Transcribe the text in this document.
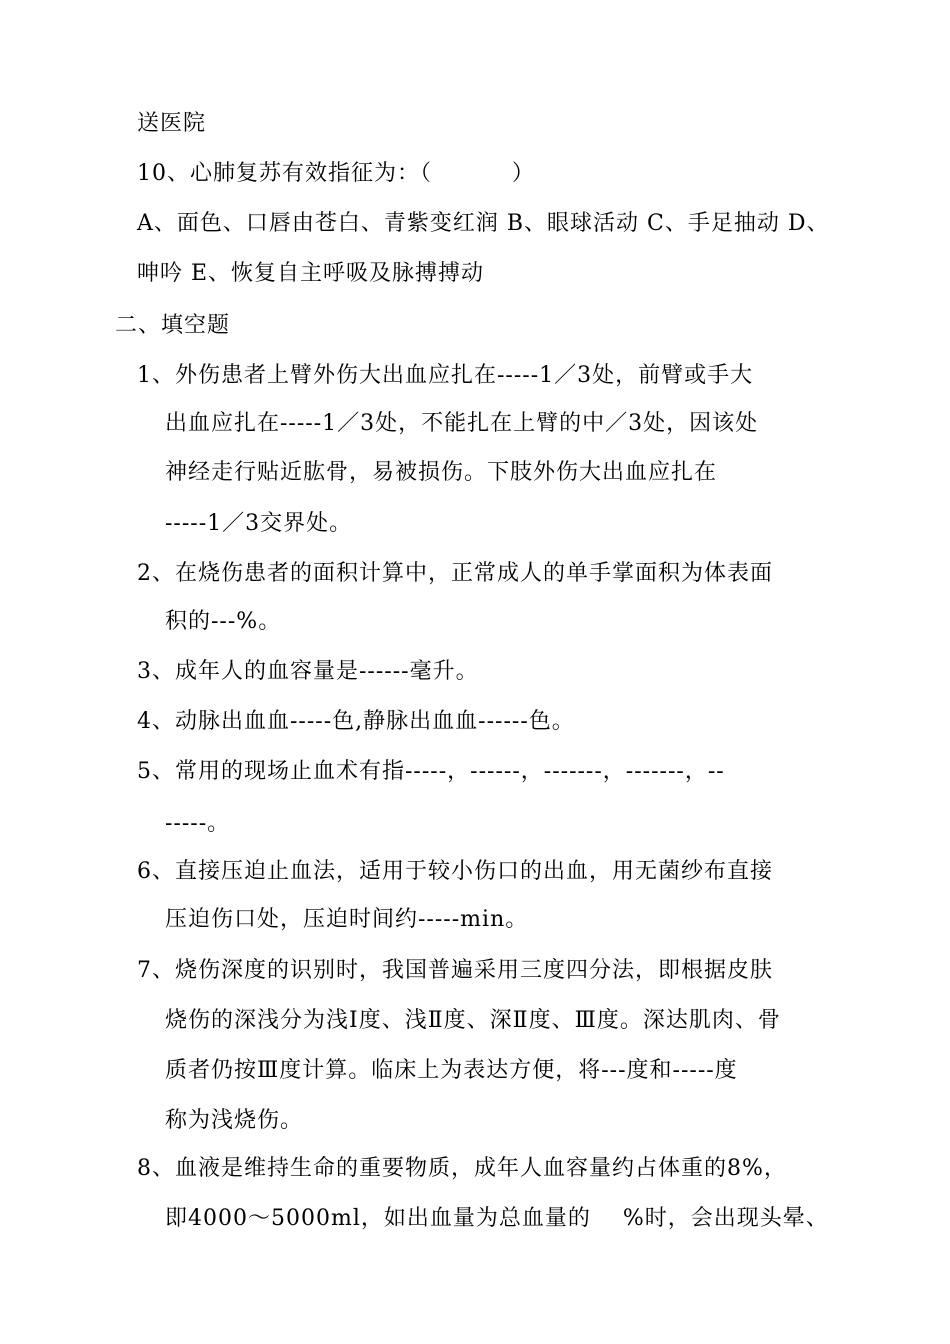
送医院
10、心肺复苏有效指征为：（          ）
A、面色、口唇由苍白、青紫变红润 B、眼球活动 C、手足抽动 D、
呻吟 E、恢复自主呼吸及脉搏搏动
二、填空题
1、外伤患者上臂外伤大出血应扎在-----1／3处，前臂或手大
出血应扎在-----1／3处，不能扎在上臂的中／3处，因该处
神经走行贴近肱骨，易被损伤。下肢外伤大出血应扎在
-----1／3交界处。
2、在烧伤患者的面积计算中，正常成人的单手掌面积为体表面
积的---%。
3、成年人的血容量是------毫升。
4、动脉出血血-----色,静脉出血血------色。
5、常用的现场止血术有指-----，------，-------，-------，--
-----。
6、直接压迫止血法，适用于较小伤口的出血，用无菌纱布直接
压迫伤口处，压迫时间约-----min。
7、烧伤深度的识别时，我国普遍采用三度四分法，即根据皮肤
烧伤的深浅分为浅Ⅰ度、浅Ⅱ度、深Ⅱ度、Ⅲ度。深达肌肉、骨
质者仍按Ⅲ度计算。临床上为表达方便，将---度和-----度
称为浅烧伤。
8、血液是维持生命的重要物质，成年人血容量约占体重的8%，
即4000～5000ml，如出血量为总血量的    %时，会出现头晕、
